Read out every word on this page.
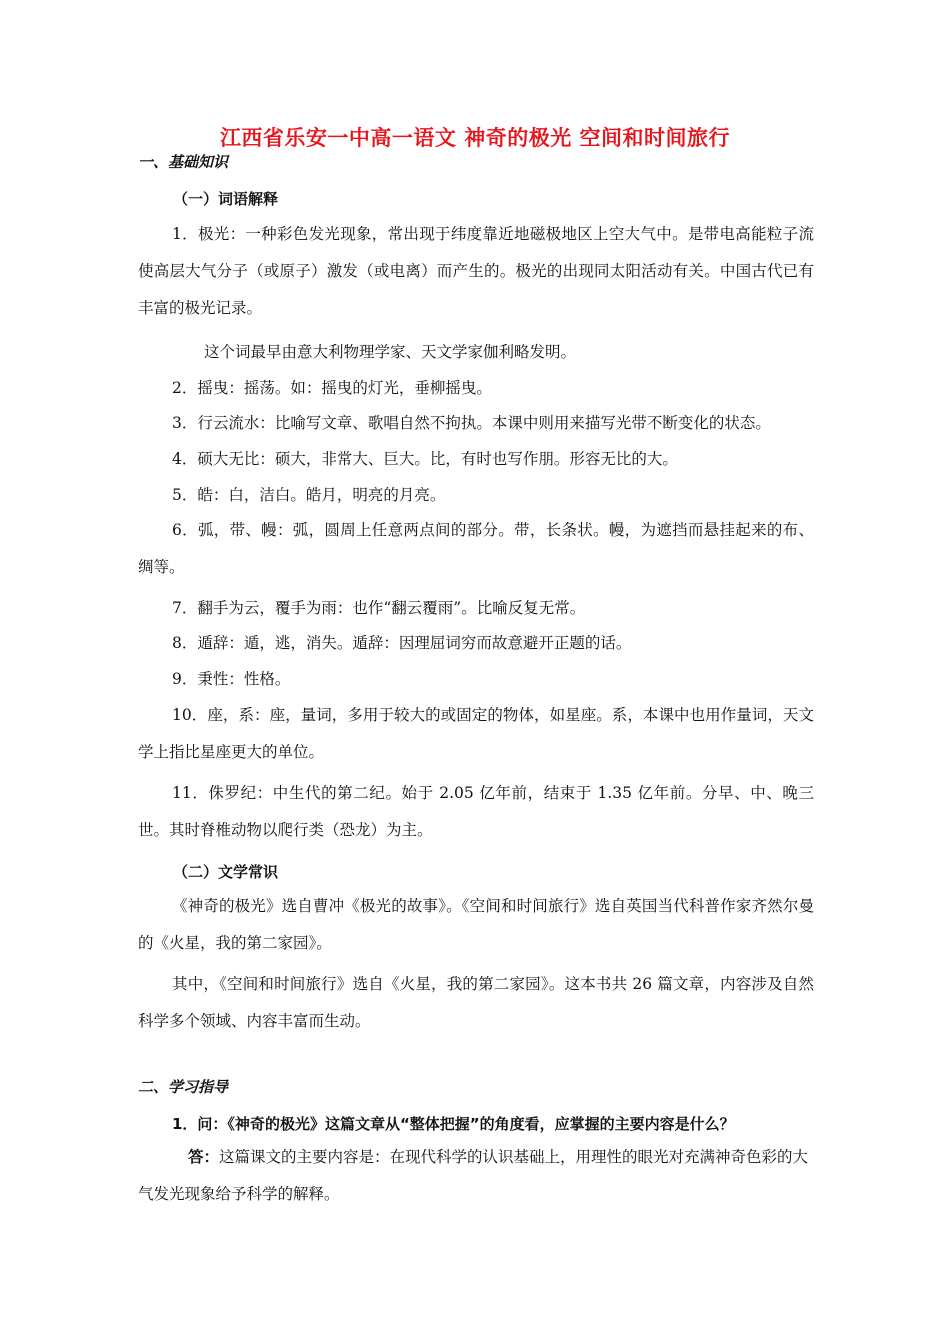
江西省乐安一中高一语文 神奇的极光 空间和时间旅行
一、基础知识
（一）词语解释
1．极光：一种彩色发光现象，常出现于纬度靠近地磁极地区上空大气中。是带电高能粒子流使高层大气分子（或原子）激发（或电离）而产生的。极光的出现同太阳活动有关。中国古代已有丰富的极光记录。
这个词最早由意大利物理学家、天文学家伽利略发明。
2．摇曳：摇荡。如：摇曳的灯光，垂柳摇曳。
3．行云流水：比喻写文章、歌唱自然不拘执。本课中则用来描写光带不断变化的状态。
4．硕大无比：硕大，非常大、巨大。比，有时也写作朋。形容无比的大。
5．皓：白，洁白。皓月，明亮的月亮。
6．弧，带、幔：弧，圆周上任意两点间的部分。带，长条状。幔，为遮挡而悬挂起来的布、绸等。
7．翻手为云，覆手为雨：也作“翻云覆雨”。比喻反复无常。
8．遁辞：遁，逃，消失。遁辞：因理屈词穷而故意避开正题的话。
9．秉性：性格。
10．座，系：座，量词，多用于较大的或固定的物体，如星座。系，本课中也用作量词，天文学上指比星座更大的单位。
11．侏罗纪：中生代的第二纪。始于 2.05 亿年前，结束于 1.35 亿年前。分早、中、晚三世。其时脊椎动物以爬行类（恐龙）为主。
（二）文学常识
《神奇的极光》选自曹冲《极光的故事》。《空间和时间旅行》选自英国当代科普作家齐然尔曼的《火星，我的第二家园》。
其中，《空间和时间旅行》选自《火星，我的第二家园》。这本书共 26 篇文章，内容涉及自然科学多个领域、内容丰富而生动。
二、学习指导
1．问：《神奇的极光》这篇文章从“整体把握”的角度看，应掌握的主要内容是什么？
答：这篇课文的主要内容是：在现代科学的认识基础上，用理性的眼光对充满神奇色彩的大气发光现象给予科学的解释。
